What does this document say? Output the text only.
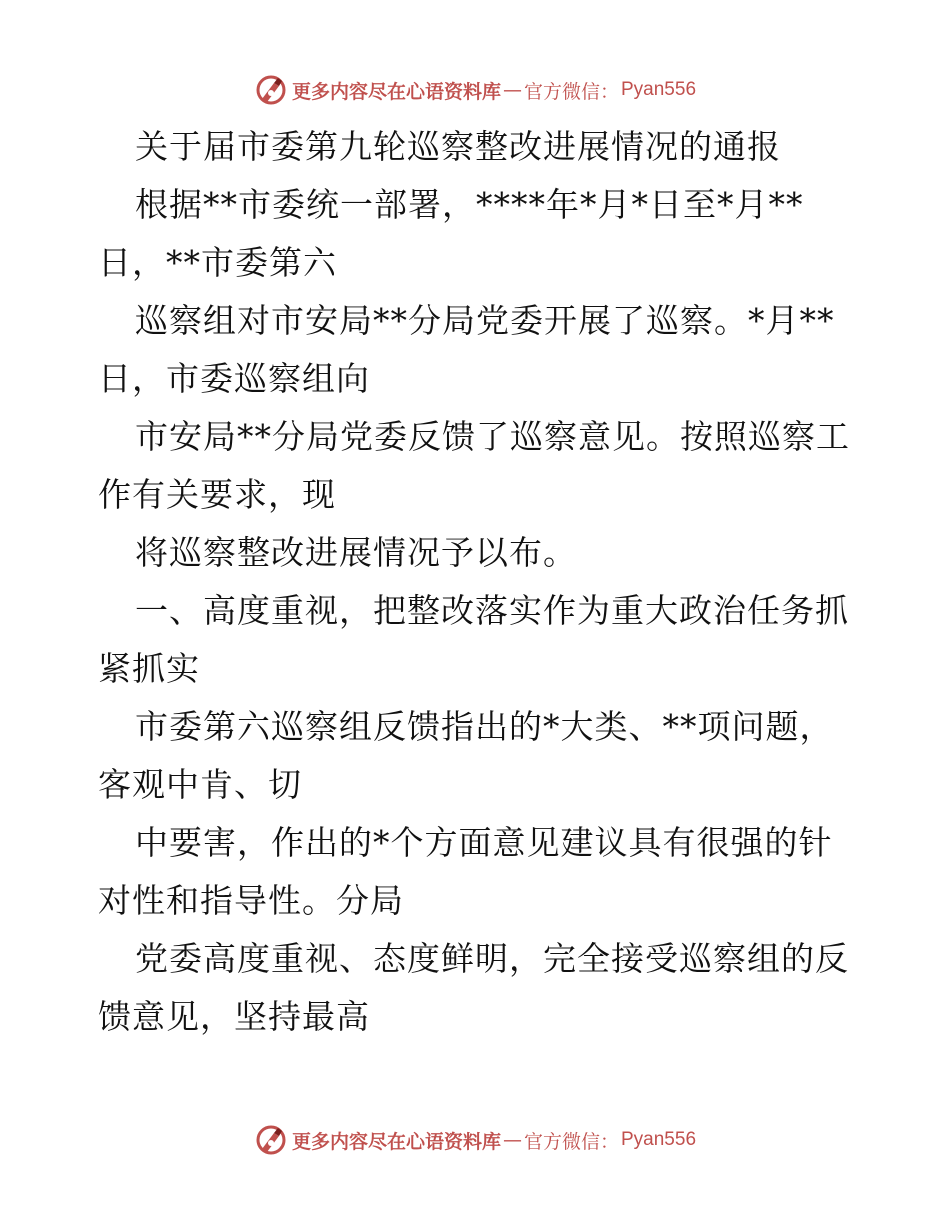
更多内容尽在心语资料库 — 官方微信： Pyan556
关于届市委第九轮巡察整改进展情况的通报
根据**市委统一部署，****年*月*日至*月**
日，**市委第六
巡察组对市安局**分局党委开展了巡察。*月**
日，市委巡察组向
市安局**分局党委反馈了巡察意见。按照巡察工
作有关要求，现
将巡察整改进展情况予以布。
一、高度重视，把整改落实作为重大政治任务抓
紧抓实
市委第六巡察组反馈指出的*大类、**项问题，
客观中肯、切
中要害，作出的*个方面意见建议具有很强的针
对性和指导性。分局
党委高度重视、态度鲜明，完全接受巡察组的反
馈意见，坚持最高
更多内容尽在心语资料库 — 官方微信： Pyan556
